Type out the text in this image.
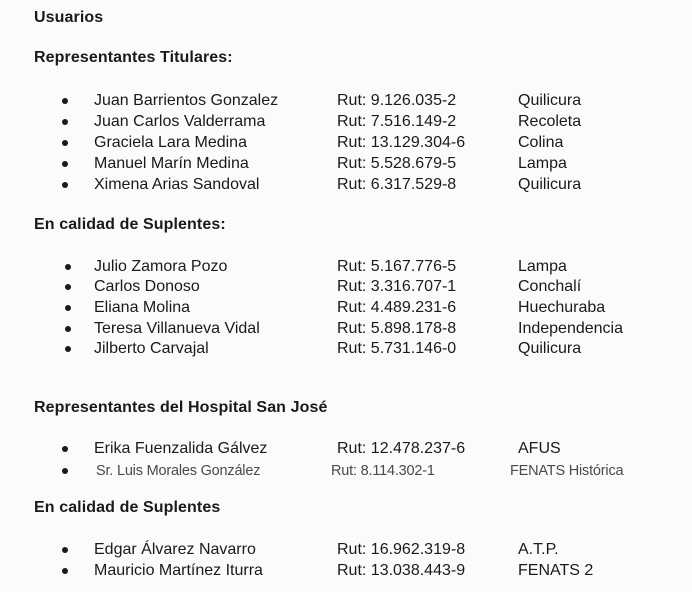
Usuarios
Representantes Titulares:
Juan Barrientos Gonzalez	Rut: 9.126.035-2	Quilicura
Juan Carlos Valderrama	Rut: 7.516.149-2	Recoleta
Graciela Lara Medina	Rut: 13.129.304-6	Colina
Manuel Marín Medina	Rut: 5.528.679-5	Lampa
Ximena Arias Sandoval	Rut: 6.317.529-8	Quilicura
En calidad de Suplentes:
Julio Zamora Pozo	Rut: 5.167.776-5	Lampa
Carlos Donoso	Rut: 3.316.707-1	Conchalí
Eliana Molina	Rut: 4.489.231-6	Huechuraba
Teresa Villanueva Vidal	Rut: 5.898.178-8	Independencia
Jilberto Carvajal	Rut: 5.731.146-0	Quilicura
Representantes del Hospital San José
Erika Fuenzalida Gálvez	Rut: 12.478.237-6	AFUS
Sr. Luis Morales González	Rut: 8.114.302-1	FENATS Histórica
En calidad de Suplentes
Edgar Álvarez Navarro	Rut: 16.962.319-8	A.T.P.
Mauricio Martínez Iturra	Rut: 13.038.443-9	FENATS 2
